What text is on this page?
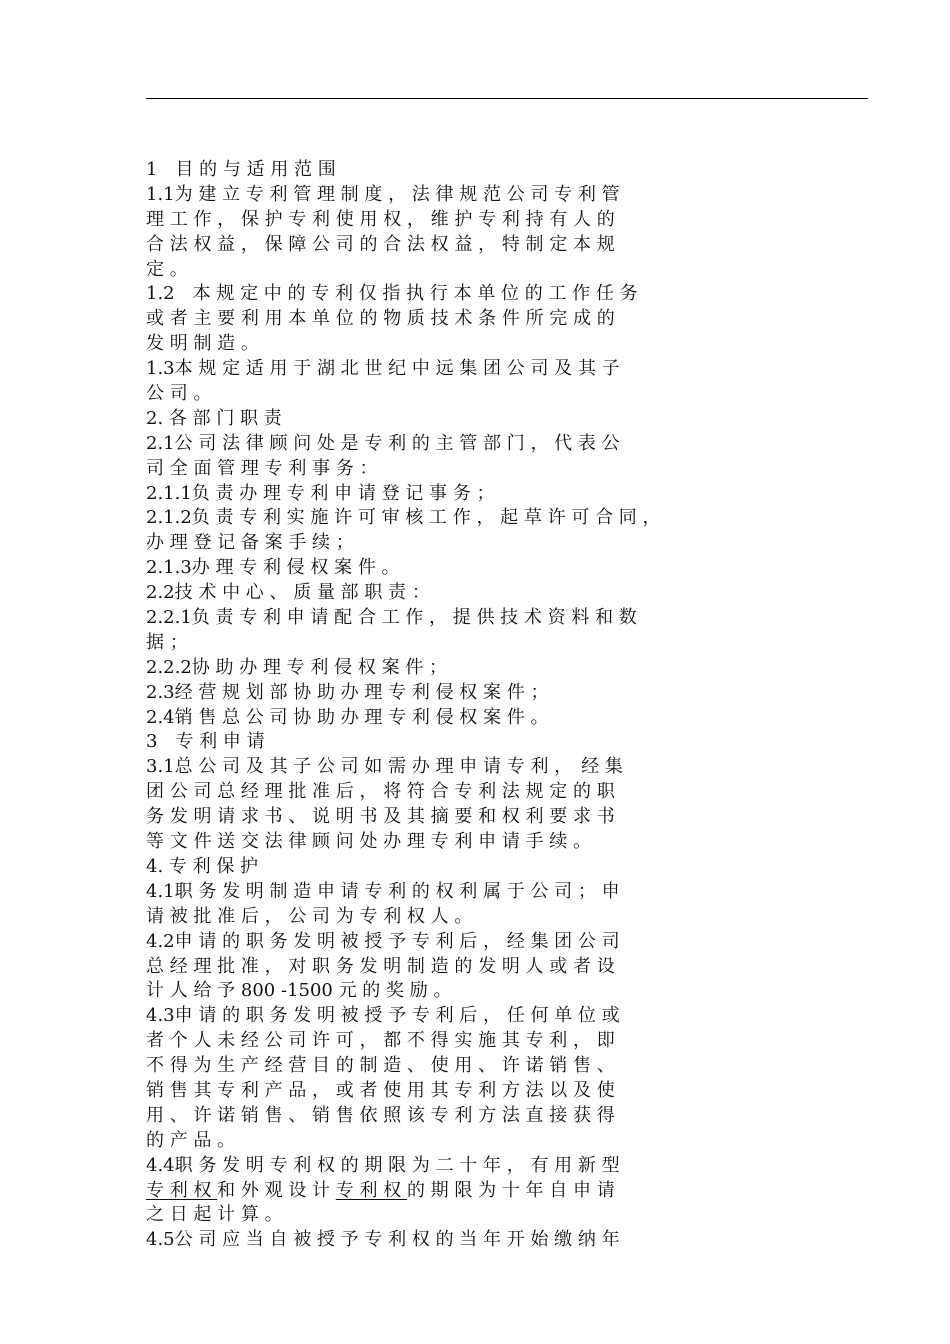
1　目 的 与 适 用 范 围
1.1为 建 立 专 利 管 理 制 度 ， 法 律 规 范 公 司 专 利 管
理 工 作 ， 保 护 专 利 使 用 权 ， 维 护 专 利 持 有 人 的
合 法 权 益 ， 保 障 公 司 的 合 法 权 益 ， 特 制 定 本 规
定 。
1.2　本 规 定 中 的 专 利 仅 指 执 行 本 单 位 的 工 作 任 务
或 者 主 要 利 用 本 单 位 的 物 质 技 术 条 件 所 完 成 的
发 明 制 造 。
1.3本 规 定 适 用 于 湖 北 世 纪 中 远 集 团 公 司 及 其 子
公 司 。
2. 各 部 门 职 责
2.1公 司 法 律 顾 问 处 是 专 利 的 主 管 部 门 ， 代 表 公
司 全 面 管 理 专 利 事 务 ：
2.1.1负 责 办 理 专 利 申 请 登 记 事 务 ；
2.1.2负 责 专 利 实 施 许 可 审 核 工 作 ， 起 草 许 可 合 同 ，
办 理 登 记 备 案 手 续 ；
2.1.3办 理 专 利 侵 权 案 件 。
2.2技 术 中 心 、 质 量 部 职 责 ：
2.2.1负 责 专 利 申 请 配 合 工 作 ， 提 供 技 术 资 料 和 数
据 ；
2.2.2协 助 办 理 专 利 侵 权 案 件 ；
2.3经 营 规 划 部 协 助 办 理 专 利 侵 权 案 件 ；
2.4销 售 总 公 司 协 助 办 理 专 利 侵 权 案 件 。
3　专 利 申 请
3.1总 公 司 及 其 子 公 司 如 需 办 理 申 请 专 利 ，　经 集
团 公 司 总 经 理 批 准 后 ， 将 符 合 专 利 法 规 定 的 职
务 发 明 请 求 书 、 说 明 书 及 其 摘 要 和 权 利 要 求 书
等 文 件 送 交 法 律 顾 问 处 办 理 专 利 申 请 手 续 。
4. 专 利 保 护
4.1职 务 发 明 制 造 申 请 专 利 的 权 利 属 于 公 司 ； 申
请 被 批 准 后 ， 公 司 为 专 利 权 人 。
4.2申 请 的 职 务 发 明 被 授 予 专 利 后 ， 经 集 团 公 司
总 经 理 批 准 ， 对 职 务 发 明 制 造 的 发 明 人 或 者 设
计 人 给 予 800 -1500 元 的 奖 励 。
4.3申 请 的 职 务 发 明 被 授 予 专 利 后 ， 任 何 单 位 或
者 个 人 未 经 公 司 许 可 ， 都 不 得 实 施 其 专 利 ， 即
不 得 为 生 产 经 营 目 的 制 造 、 使 用 、 许 诺 销 售 、
销 售 其 专 利 产 品 ， 或 者 使 用 其 专 利 方 法 以 及 使
用 、 许 诺 销 售 、 销 售 依 照 该 专 利 方 法 直 接 获 得
的 产 品 。
4.4职 务 发 明 专 利 权 的 期 限 为 二 十 年 ， 有 用 新 型
专 利 权 和 外 观 设 计 专 利 权 的 期 限 为 十 年 自 申 请
之 日 起 计 算 。
4.5公 司 应 当 自 被 授 予 专 利 权 的 当 年 开 始 缴 纳 年
